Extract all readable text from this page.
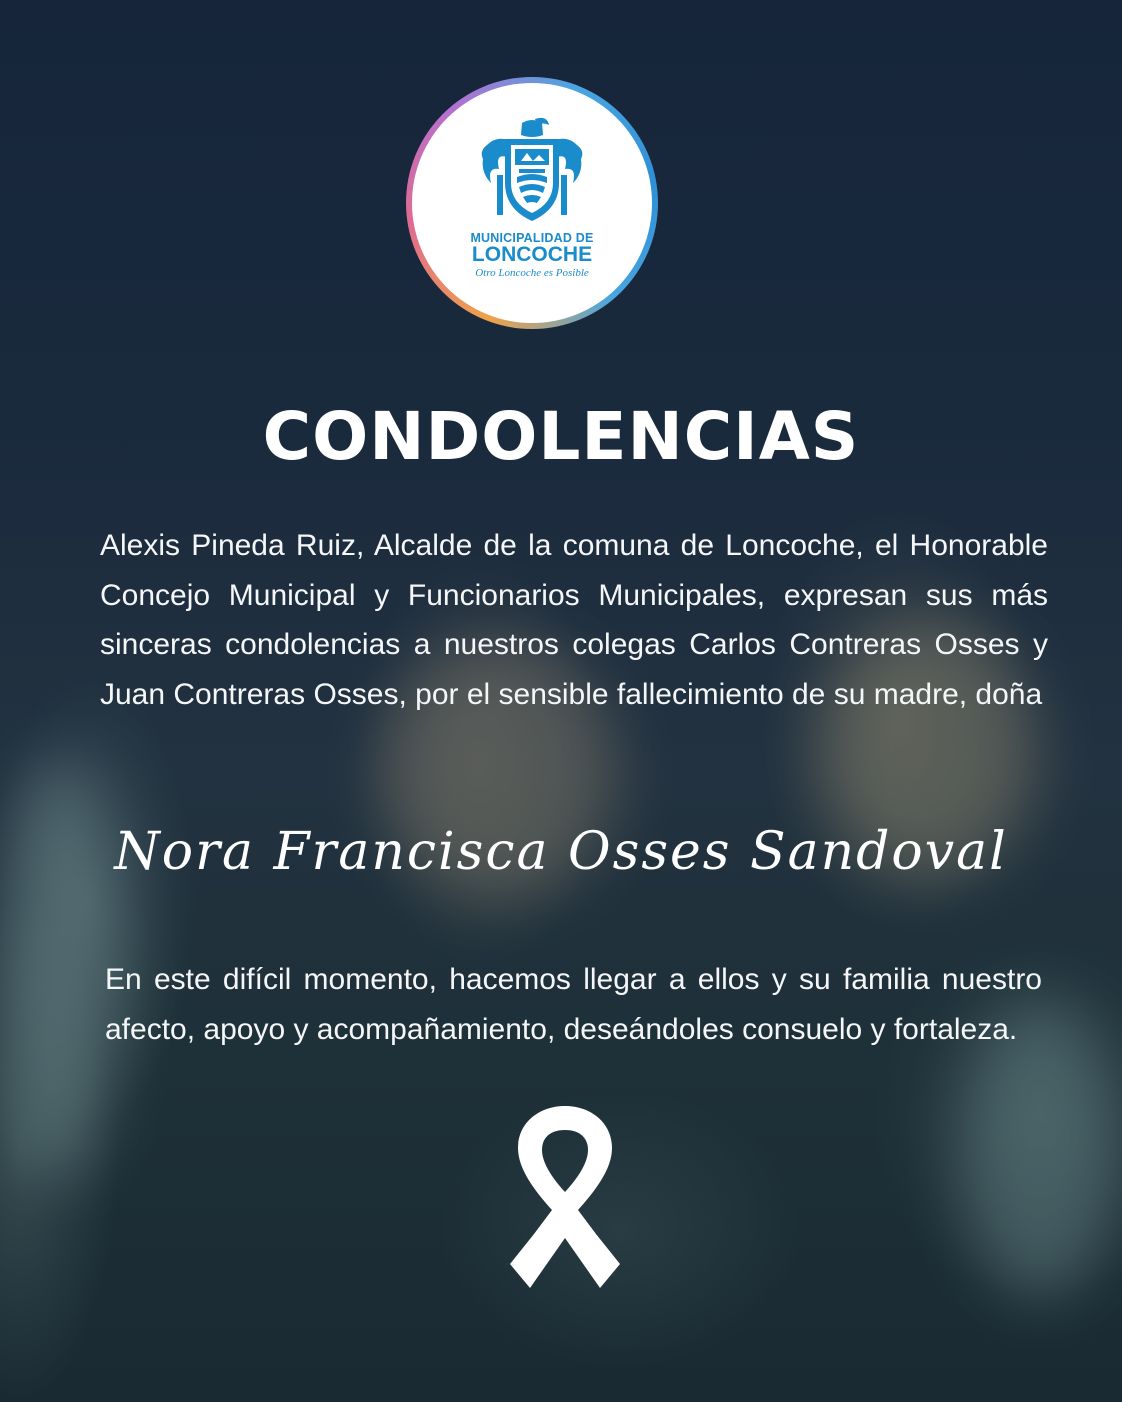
MUNICIPALIDAD DE
LONCOCHE
Otro Loncoche es Posible
CONDOLENCIAS
Alexis Pineda Ruiz, Alcalde de la comuna de Loncoche, el Honorable Concejo Municipal y Funcionarios Municipales, expresan sus más sinceras condolencias a nuestros colegas Carlos Contreras Osses y Juan Contreras Osses, por el sensible fallecimiento de su madre, doña
Nora Francisca Osses Sandoval
En este difícil momento, hacemos llegar a ellos y su familia nuestro afecto, apoyo y acompañamiento, deseándoles consuelo y fortaleza.
